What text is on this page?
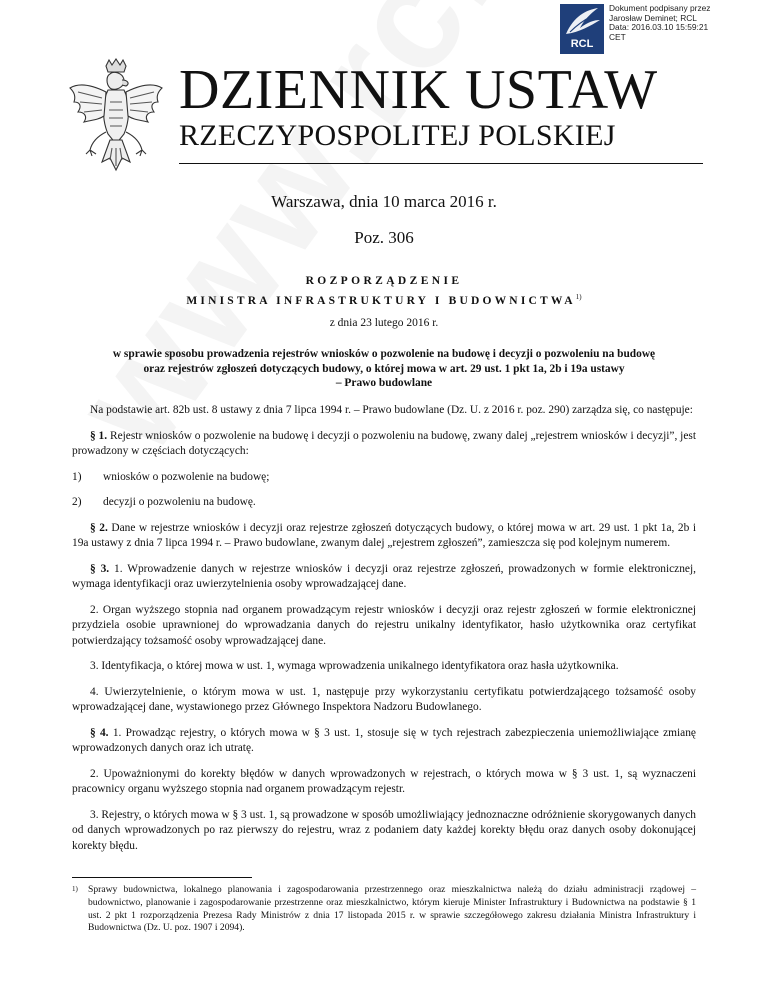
RCL
Dokument podpisany przez
Jarosław Deminet; RCL
Data: 2016.03.10 15:59:21
CET
DZIENNIK USTAW
RZECZYPOSPOLITEJ POLSKIEJ
Warszawa, dnia 10 marca 2016 r.
Poz. 306
ROZPORZĄDZENIE
MINISTRA INFRASTRUKTURY I BUDOWNICTWA$^{1)}$
z dnia 23 lutego 2016 r.
w sprawie sposobu prowadzenia rejestrów wniosków o pozwolenie na budowę i decyzji o pozwoleniu na budowę
oraz rejestrów zgłoszeń dotyczących budowy, o której mowa w art. 29 ust. 1 pkt 1a, 2b i 19a ustawy
– Prawo budowlane

Na podstawie art. 82b ust. 8 ustawy z dnia 7 lipca 1994 r. – Prawo budowlane (Dz. U. z 2016 r. poz. 290) zarządza się, co następuje:

§ 1. Rejestr wniosków o pozwolenie na budowę i decyzji o pozwoleniu na budowę, zwany dalej „rejestrem wniosków i decyzji”, jest prowadzony w częściach dotyczących:

1)	wniosków o pozwolenie na budowę;
2)	decyzji o pozwoleniu na budowę.

§ 2. Dane w rejestrze wniosków i decyzji oraz rejestrze zgłoszeń dotyczących budowy, o której mowa w art. 29 ust. 1 pkt 1a, 2b i 19a ustawy z dnia 7 lipca 1994 r. – Prawo budowlane, zwanym dalej „rejestrem zgłoszeń”, zamieszcza się pod kolejnym numerem.

§ 3. 1. Wprowadzenie danych w rejestrze wniosków i decyzji oraz rejestrze zgłoszeń, prowadzonych w formie elektronicznej, wymaga identyfikacji oraz uwierzytelnienia osoby wprowadzającej dane.

2. Organ wyższego stopnia nad organem prowadzącym rejestr wniosków i decyzji oraz rejestr zgłoszeń w formie elektronicznej przydziela osobie uprawnionej do wprowadzania danych do rejestru unikalny identyfikator, hasło użytkownika oraz certyfikat potwierdzający tożsamość osoby wprowadzającej dane.

3. Identyfikacja, o której mowa w ust. 1, wymaga wprowadzenia unikalnego identyfikatora oraz hasła użytkownika.

4. Uwierzytelnienie, o którym mowa w ust. 1, następuje przy wykorzystaniu certyfikatu potwierdzającego tożsamość osoby wprowadzającej dane, wystawionego przez Głównego Inspektora Nadzoru Budowlanego.

§ 4. 1. Prowadząc rejestry, o których mowa w § 3 ust. 1, stosuje się w tych rejestrach zabezpieczenia uniemożliwiające zmianę wprowadzonych danych oraz ich utratę.

2. Upoważnionymi do korekty błędów w danych wprowadzonych w rejestrach, o których mowa w § 3 ust. 1, są wyznaczeni pracownicy organu wyższego stopnia nad organem prowadzącym rejestr.

3. Rejestry, o których mowa w § 3 ust. 1, są prowadzone w sposób umożliwiający jednoznaczne odróżnienie skorygowanych danych od danych wprowadzonych po raz pierwszy do rejestru, wraz z podaniem daty każdej korekty błędu oraz danych osoby dokonującej korekty błędu.

1)	Sprawy budownictwa, lokalnego planowania i zagospodarowania przestrzennego oraz mieszkalnictwa należą do działu administracji rządowej – budownictwo, planowanie i zagospodarowanie przestrzenne oraz mieszkalnictwo, którym kieruje Minister Infrastruktury i Budownictwa na podstawie § 1 ust. 2 pkt 1 rozporządzenia Prezesa Rady Ministrów z dnia 17 listopada 2015 r. w sprawie szczegółowego zakresu działania Ministra Infrastruktury i Budownictwa (Dz. U. poz. 1907 i 2094).
